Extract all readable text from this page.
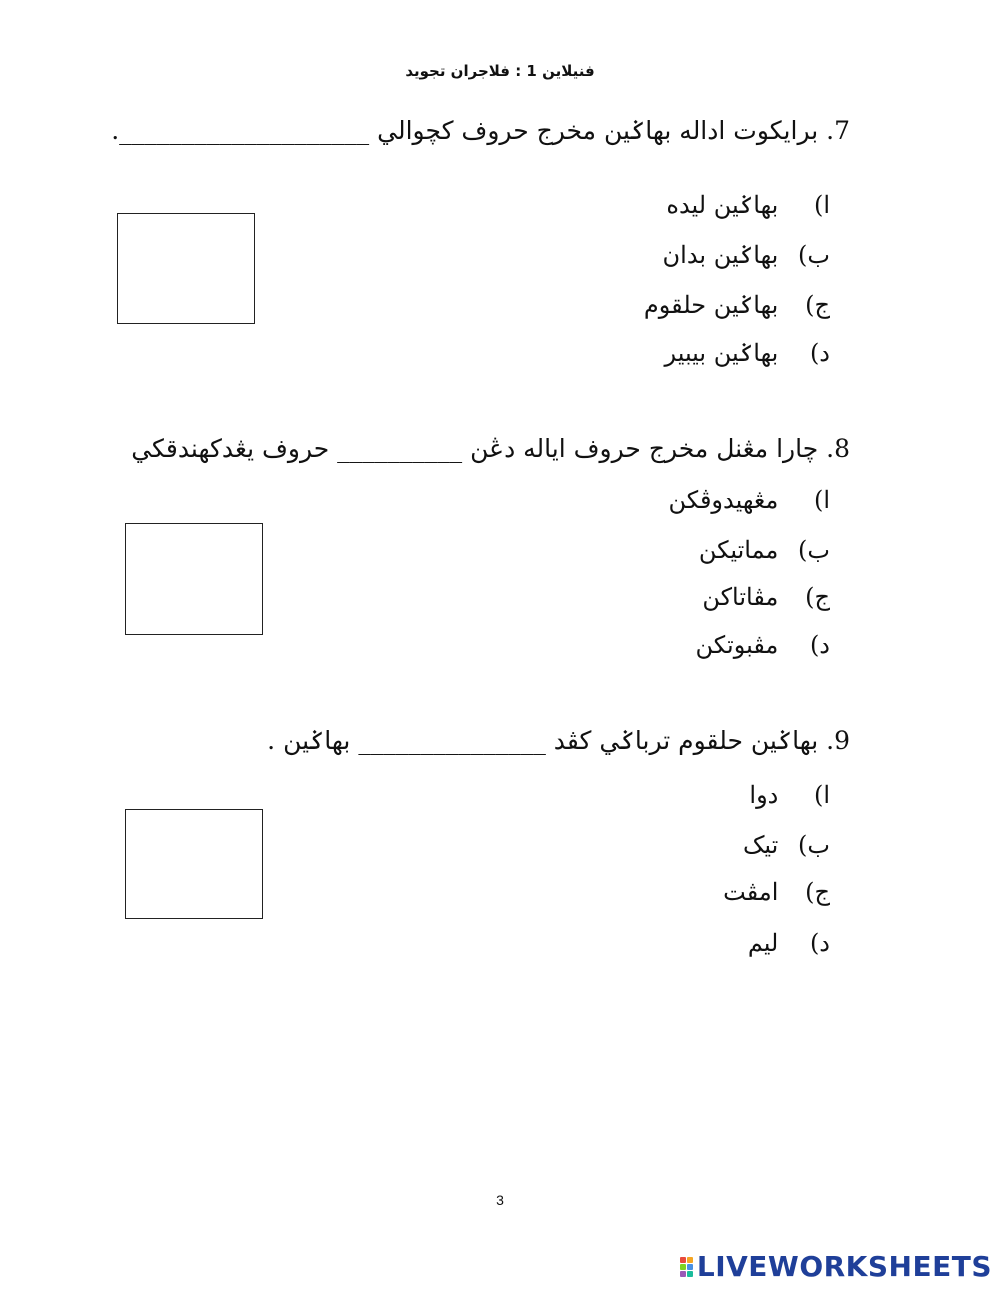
فنيلاين 1 : فلاجران تجويد
7. برايكوت اداله بهاݢين مخرج حروف كچوالي ____________________.
ا) بهاݢين ليده
ب) بهاݢين بدان
ج) بهاݢين حلقوم
د) بهاݢين بيبير
8. چارا مڠنل مخرج حروف اياله دڠن __________ حروف يڠدكهندقكي
ا) مڠهيدوڤكن
ب) مماتيكن
ج) مڤاتاكن
د) مڤبوتكن
9. بهاݢين حلقوم ترباݢي كڤد _______________ بهاݢين .
ا) دوا
ب) تيک
ج) امڤت
د) ليم
3
LIVEWORKSHEETS
